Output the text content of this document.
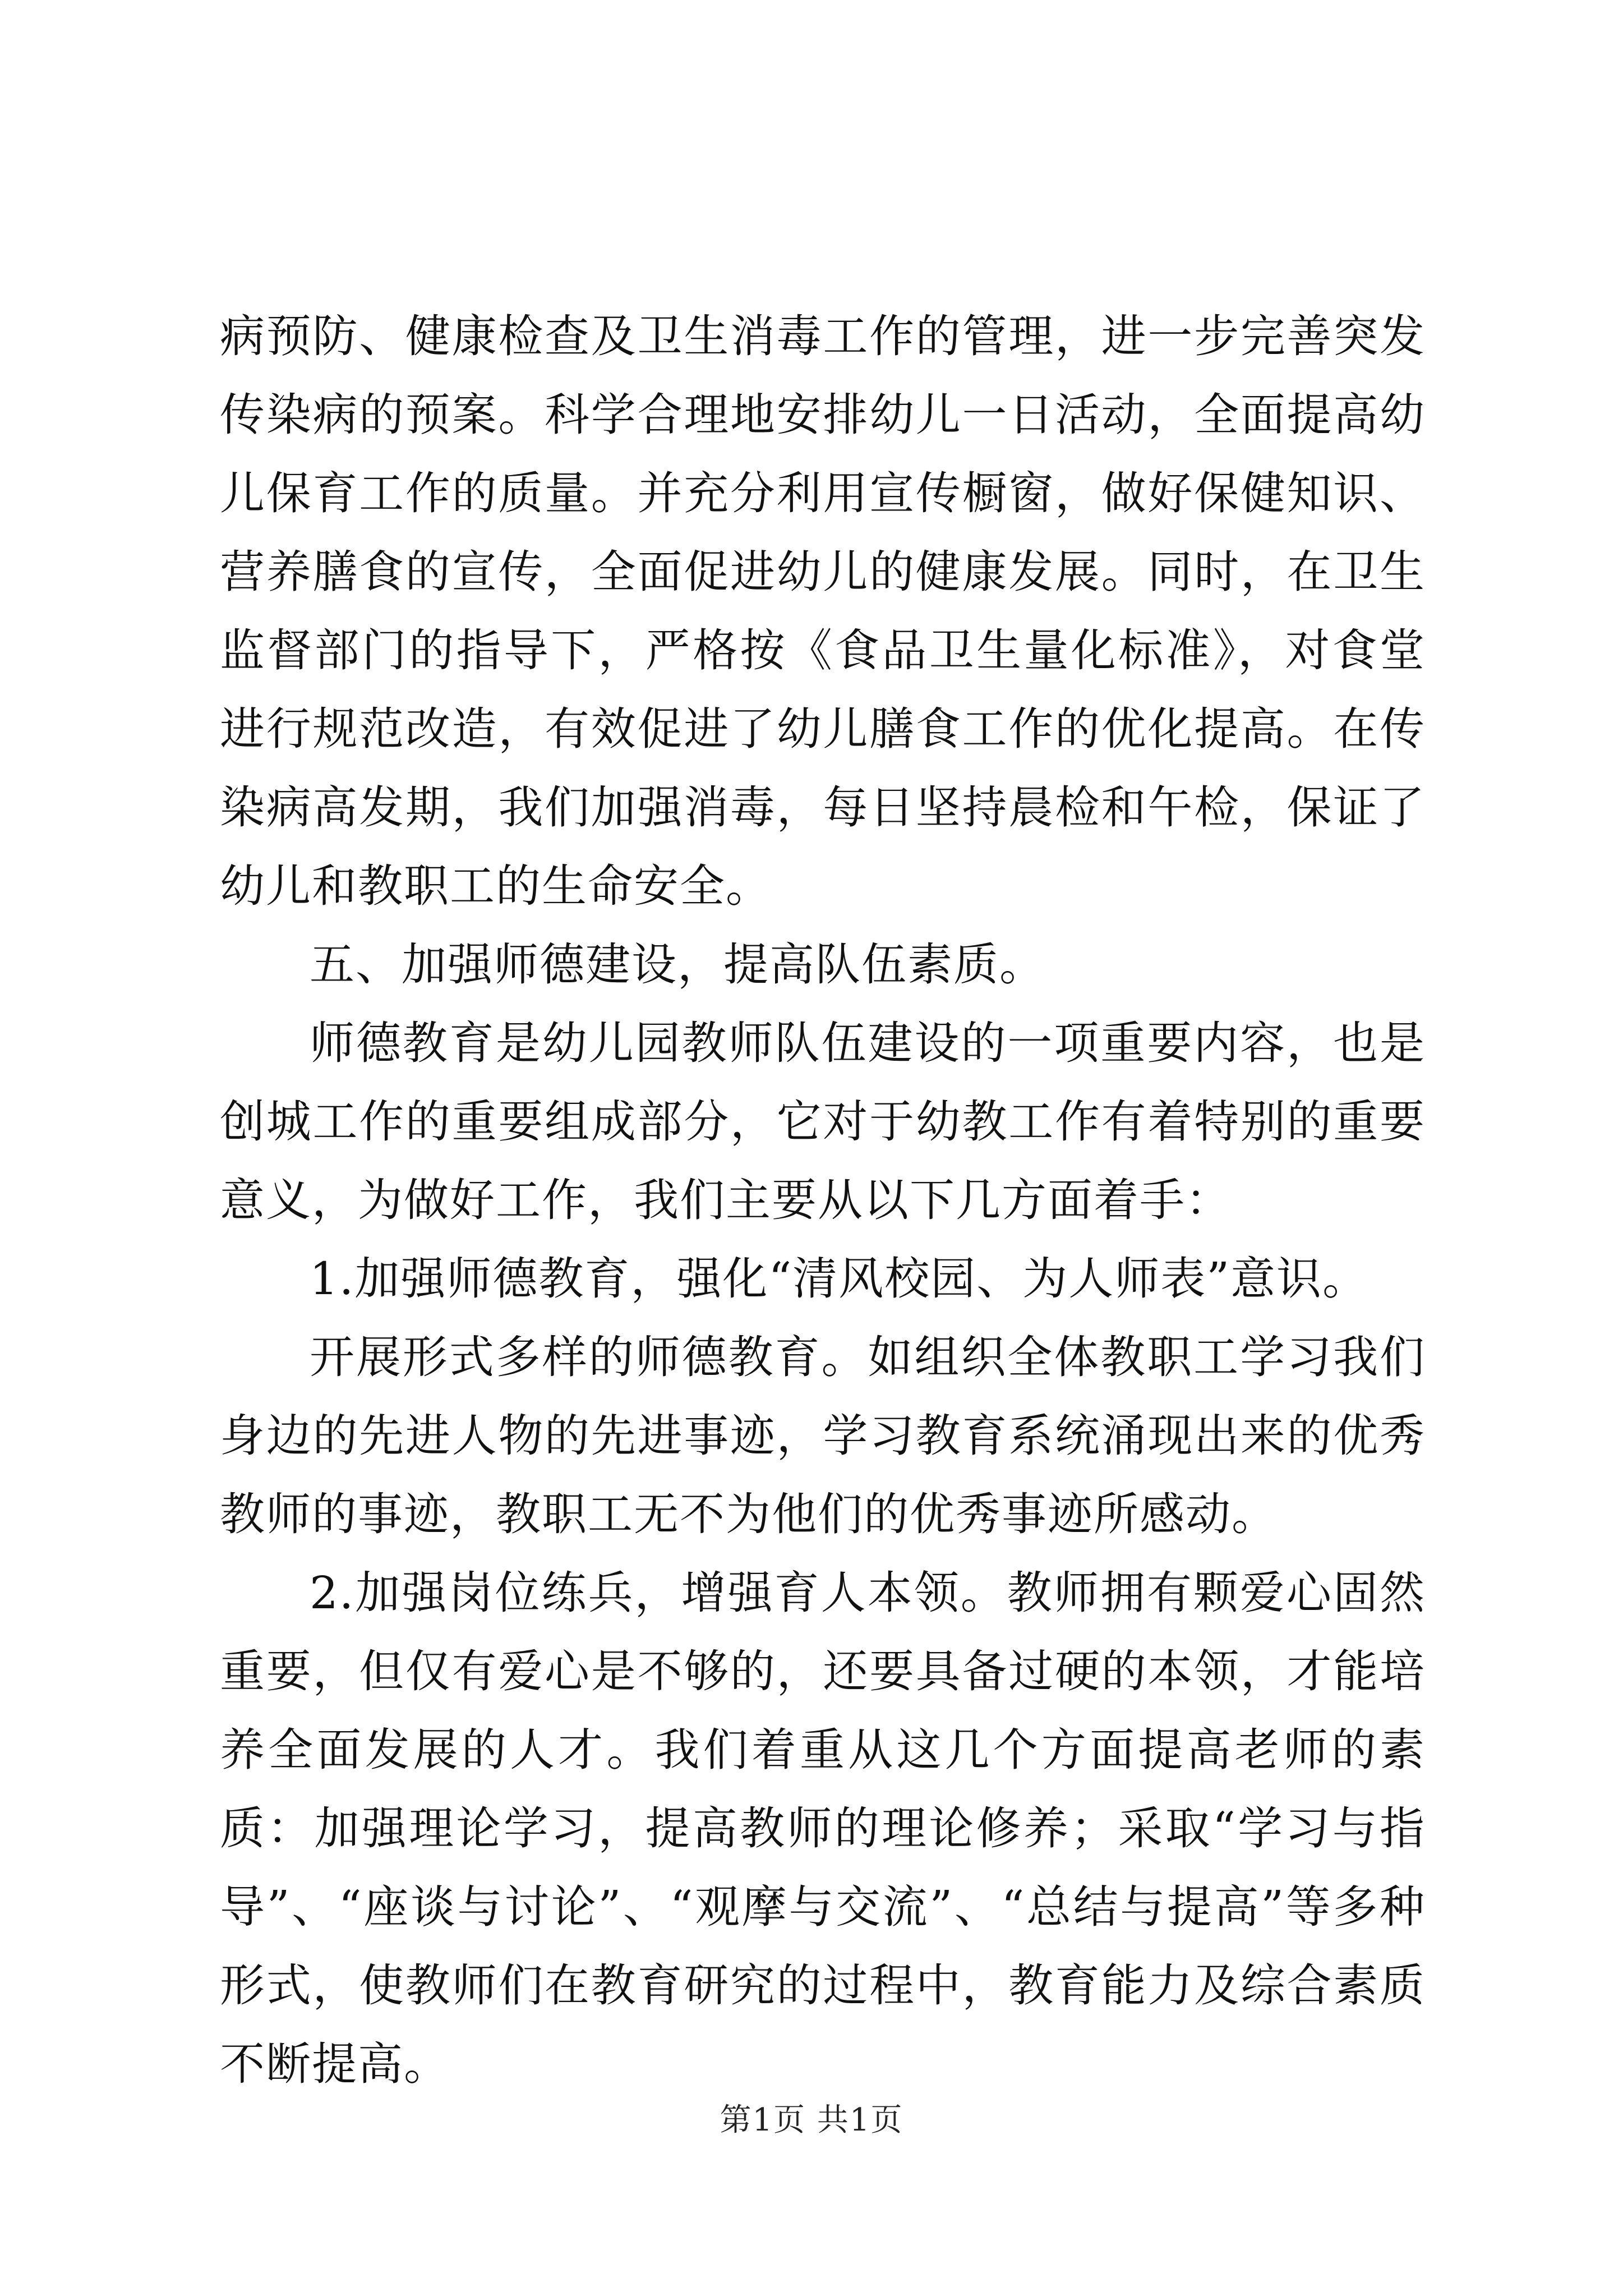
病预防、健康检查及卫生消毒工作的管理，进一步完善突发传染病的预案。科学合理地安排幼儿一日活动，全面提高幼儿保育工作的质量。并充分利用宣传橱窗，做好保健知识、营养膳食的宣传，全面促进幼儿的健康发展。同时，在卫生监督部门的指导下，严格按《食品卫生量化标准》，对食堂进行规范改造，有效促进了幼儿膳食工作的优化提高。在传染病高发期，我们加强消毒，每日坚持晨检和午检，保证了幼儿和教职工的生命安全。

五、加强师德建设，提高队伍素质。

师德教育是幼儿园教师队伍建设的一项重要内容，也是创城工作的重要组成部分，它对于幼教工作有着特别的重要意义，为做好工作，我们主要从以下几方面着手：

1.加强师德教育，强化“清风校园、为人师表”意识。

开展形式多样的师德教育。如组织全体教职工学习我们身边的先进人物的先进事迹，学习教育系统涌现出来的优秀教师的事迹，教职工无不为他们的优秀事迹所感动。

2.加强岗位练兵，增强育人本领。教师拥有颗爱心固然重要，但仅有爱心是不够的，还要具备过硬的本领，才能培养全面发展的人才。我们着重从这几个方面提高老师的素质：加强理论学习，提高教师的理论修养；采取“学习与指导”、“座谈与讨论”、“观摩与交流”、“总结与提高”等多种形式，使教师们在教育研究的过程中，教育能力及综合素质不断提高。

第1页 共1页
